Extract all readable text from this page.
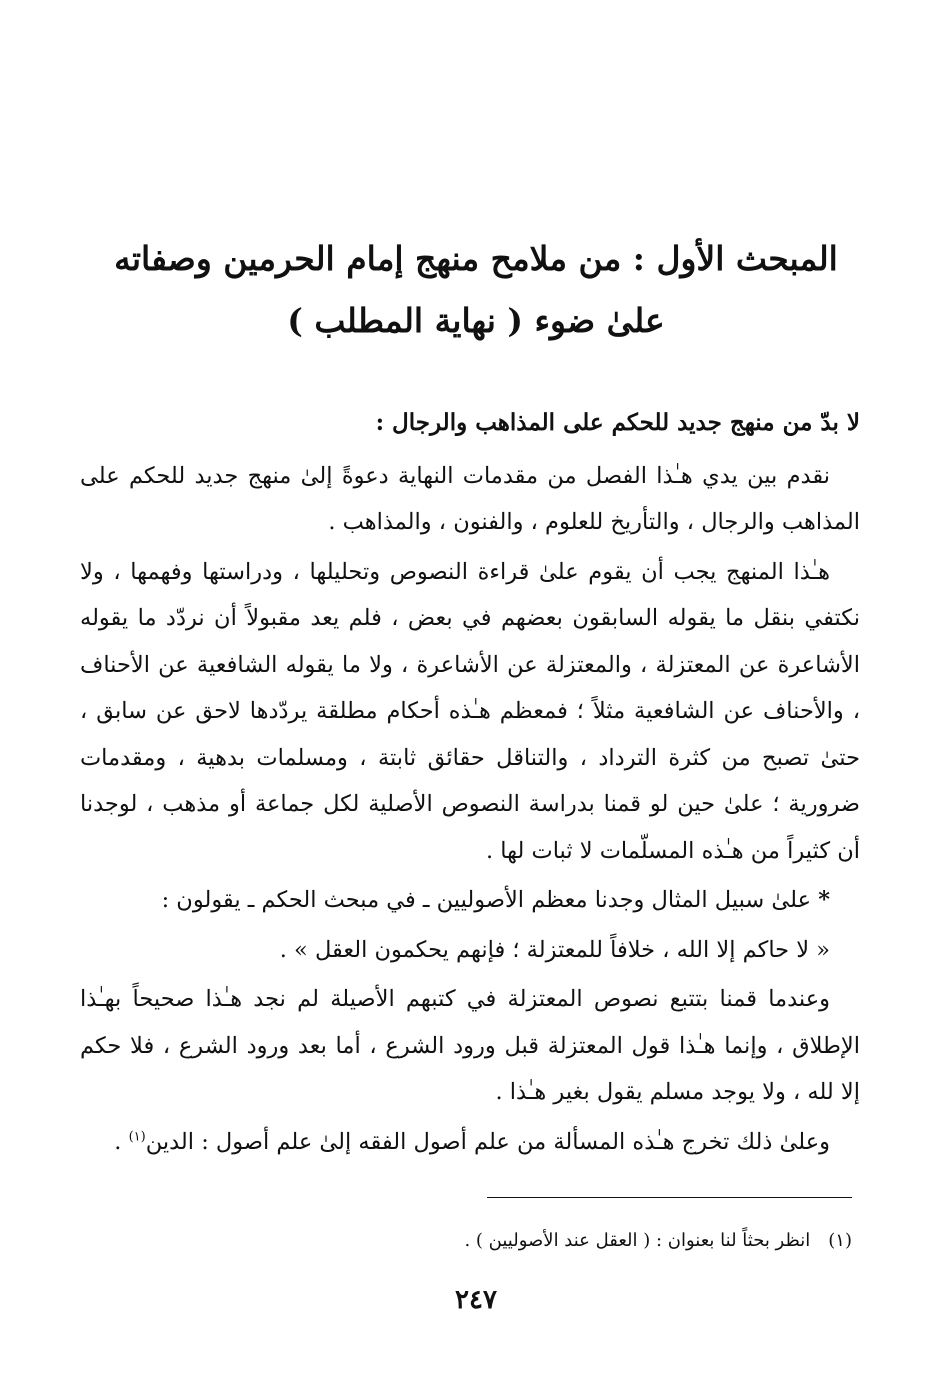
المبحث الأول : من ملامح منهج إمام الحرمين وصفاته
علىٰ ضوء ( نهاية المطلب )
لا بدّ من منهج جديد للحكم على المذاهب والرجال :

نقدم بين يدي هـٰذا الفصل من مقدمات النهاية دعوةً إلىٰ منهج جديد للحكم على المذاهب والرجال ، والتأريخ للعلوم ، والفنون ، والمذاهب .

هـٰذا المنهج يجب أن يقوم علىٰ قراءة النصوص وتحليلها ، ودراستها وفهمها ، ولا نكتفي بنقل ما يقوله السابقون بعضهم في بعض ، فلم يعد مقبولاً أن نردّد ما يقوله الأشاعرة عن المعتزلة ، والمعتزلة عن الأشاعرة ، ولا ما يقوله الشافعية عن الأحناف ، والأحناف عن الشافعية مثلاً ؛ فمعظم هـٰذه أحكام مطلقة يردّدها لاحق عن سابق ، حتىٰ تصبح من كثرة الترداد ، والتناقل حقائق ثابتة ، ومسلمات بدهية ، ومقدمات ضرورية ؛ علىٰ حين لو قمنا بدراسة النصوص الأصلية لكل جماعة أو مذهب ، لوجدنا أن كثيراً من هـٰذه المسلّمات لا ثبات لها .

* علىٰ سبيل المثال وجدنا معظم الأصوليين ـ في مبحث الحكم ـ يقولون :

« لا حاكم إلا الله ، خلافاً للمعتزلة ؛ فإنهم يحكمون العقل » .

وعندما قمنا بتتبع نصوص المعتزلة في كتبهم الأصيلة لم نجد هـٰذا صحيحاً بهـٰذا الإطلاق ، وإنما هـٰذا قول المعتزلة قبل ورود الشرع ، أما بعد ورود الشرع ، فلا حكم إلا لله ، ولا يوجد مسلم يقول بغير هـٰذا .

وعلىٰ ذلك تخرج هـٰذه المسألة من علم أصول الفقه إلىٰ علم أصول : الدين$^{(١)}$ .

(١)انظر بحثاً لنا بعنوان : ( العقل عند الأصوليين ) .
٢٤٧
